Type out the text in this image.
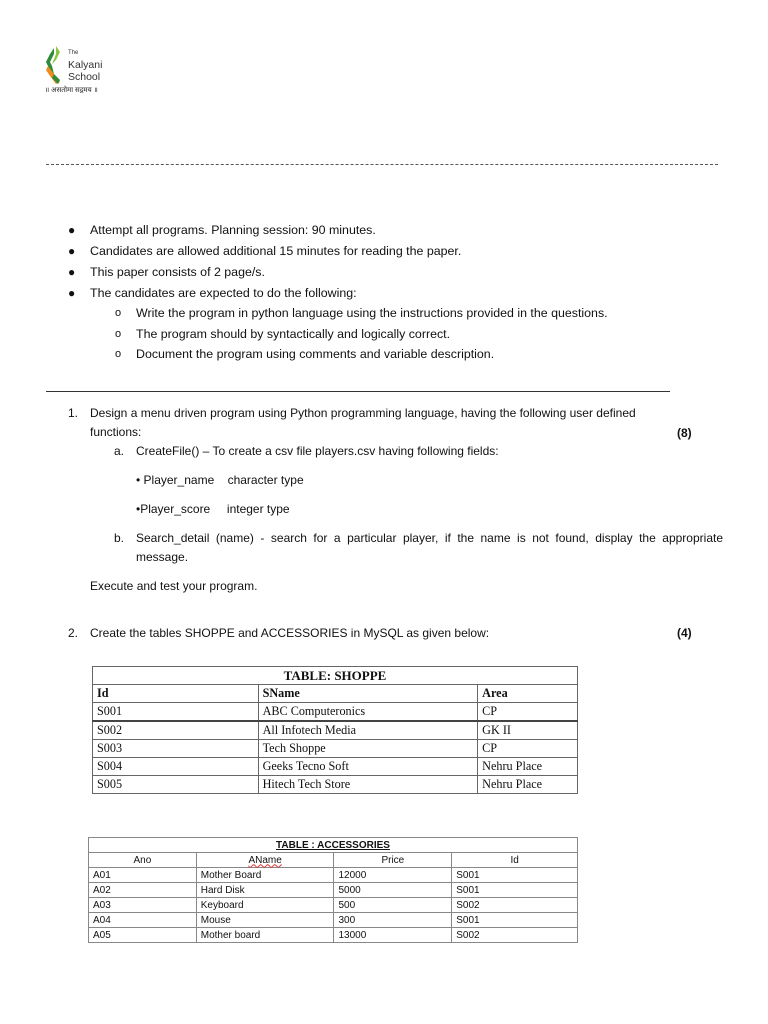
The
Kalyani
School
॥ असतोमा सद्गमय ॥
● Attempt all programs. Planning session: 90 minutes.
● Candidates are allowed additional 15 minutes for reading the paper.
● This paper consists of 2 page/s.
● The candidates are expected to do the following:
o Write the program in python language using the instructions provided in the questions.
o The program should by syntactically and logically correct.
o Document the program using comments and variable description.
1. Design a menu driven program using Python programming language, having the following user defined
functions:	(8)
a. CreateFile() – To create a csv file players.csv having following fields:
• Player_name    character type
•Player_score     integer type
b. Search_detail (name) - search for a particular player, if the name is not found, display the appropriate
message.
Execute and test your program.
2. Create the tables SHOPPE and ACCESSORIES in MySQL as given below:	(4)
TABLE: SHOPPE		
Id	SName	Area
S001	ABC Computeronics	CP
S002	All Infotech Media	GK II
S003	Tech Shoppe	CP
S004	Geeks Tecno Soft	Nehru Place
S005	Hitech Tech Store	Nehru Place
TABLE : ACCESSORIES			
Ano	AName	Price	Id
A01	Mother Board	12000	S001
A02	Hard Disk	5000	S001
A03	Keyboard	500	S002
A04	Mouse	300	S001
A05	Mother board	13000	S002
